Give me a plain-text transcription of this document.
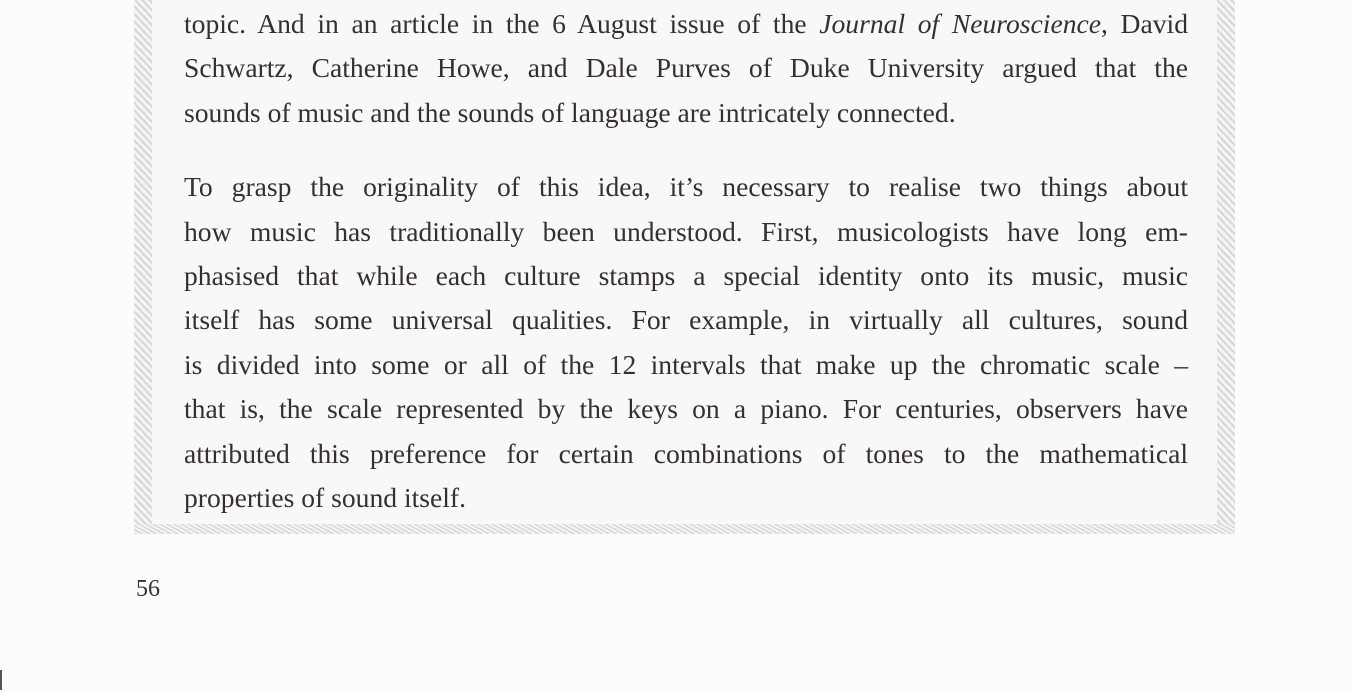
topic. And in an article in the 6 August issue of the Journal of Neuroscience, David
Schwartz, Catherine Howe, and Dale Purves of Duke University argued that the
sounds of music and the sounds of language are intricately connected.

To grasp the originality of this idea, it’s necessary to realise two things about
how music has traditionally been understood. First, musicologists have long em-
phasised that while each culture stamps a special identity onto its music, music
itself has some universal qualities. For example, in virtually all cultures, sound
is divided into some or all of the 12 intervals that make up the chromatic scale –
that is, the scale represented by the keys on a piano. For centuries, observers have
attributed this preference for certain combinations of tones to the mathematical
properties of sound itself.

56
